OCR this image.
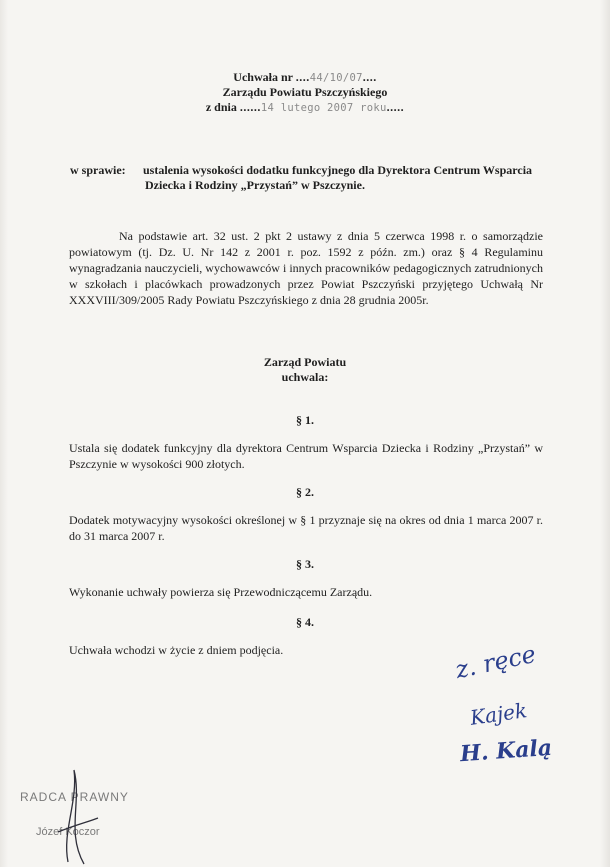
Uchwała nr ....44/10/07....
Zarządu Powiatu Pszczyńskiego
z dnia ......14 lutego 2007 roku.....
w sprawie: ustalenia wysokości dodatku funkcyjnego dla Dyrektora Centrum Wsparcia
Dziecka i Rodziny „Przystań” w Pszczynie.
Na podstawie art. 32 ust. 2 pkt 2 ustawy z dnia 5 czerwca 1998 r. o samorządzie powiatowym (tj. Dz. U. Nr 142 z 2001 r. poz. 1592 z późn. zm.) oraz § 4 Regulaminu wynagradzania nauczycieli, wychowawców i innych pracowników pedagogicznych zatrudnionych w szkołach i placówkach prowadzonych przez Powiat Pszczyński przyjętego Uchwałą Nr XXXVIII/309/2005 Rady Powiatu Pszczyńskiego z dnia 28 grudnia 2005r.
Zarząd Powiatu
uchwala:
§ 1.
Ustala się dodatek funkcyjny dla dyrektora Centrum Wsparcia Dziecka i Rodziny „Przystań” w Pszczynie w wysokości 900 złotych.
§ 2.
Dodatek motywacyjny wysokości określonej w § 1 przyznaje się na okres od dnia 1 marca 2007 r. do 31 marca 2007 r.
§ 3.
Wykonanie uchwały powierza się Przewodniczącemu Zarządu.
§ 4.
Uchwała wchodzi w życie z dniem podjęcia.	z. ręce
Kajek
H. Kalą
RADCA PRAWNY
Józef Koczor
